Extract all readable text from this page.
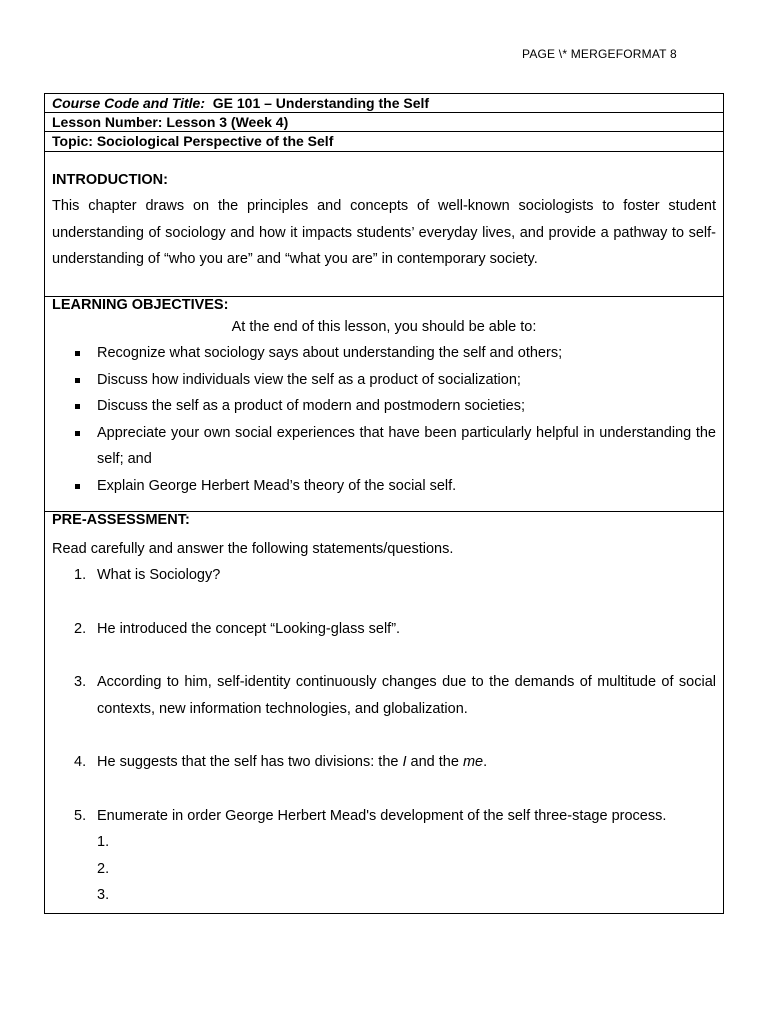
PAGE \* MERGEFORMAT 8
Course Code and Title: GE 101 – Understanding the Self
Lesson Number: Lesson 3 (Week 4)
Topic: Sociological Perspective of the Self
INTRODUCTION:
This chapter draws on the principles and concepts of well-known sociologists to foster student understanding of sociology and how it impacts students’ everyday lives, and provide a pathway to self-understanding of “who you are” and “what you are” in contemporary society.
LEARNING OBJECTIVES:
At the end of this lesson, you should be able to:
Recognize what sociology says about understanding the self and others;
Discuss how individuals view the self as a product of socialization;
Discuss the self as a product of modern and postmodern societies;
Appreciate your own social experiences that have been particularly helpful in understanding the self; and
Explain George Herbert Mead’s theory of the social self.
PRE-ASSESSMENT:
Read carefully and answer the following statements/questions.
1. What is Sociology?
2. He introduced the concept “Looking-glass self”.
3. According to him, self-identity continuously changes due to the demands of multitude of social contexts, new information technologies, and globalization.
4. He suggests that the self has two divisions: the I and the me.
5. Enumerate in order George Herbert Mead's development of the self three-stage process.
1.
2.
3.
